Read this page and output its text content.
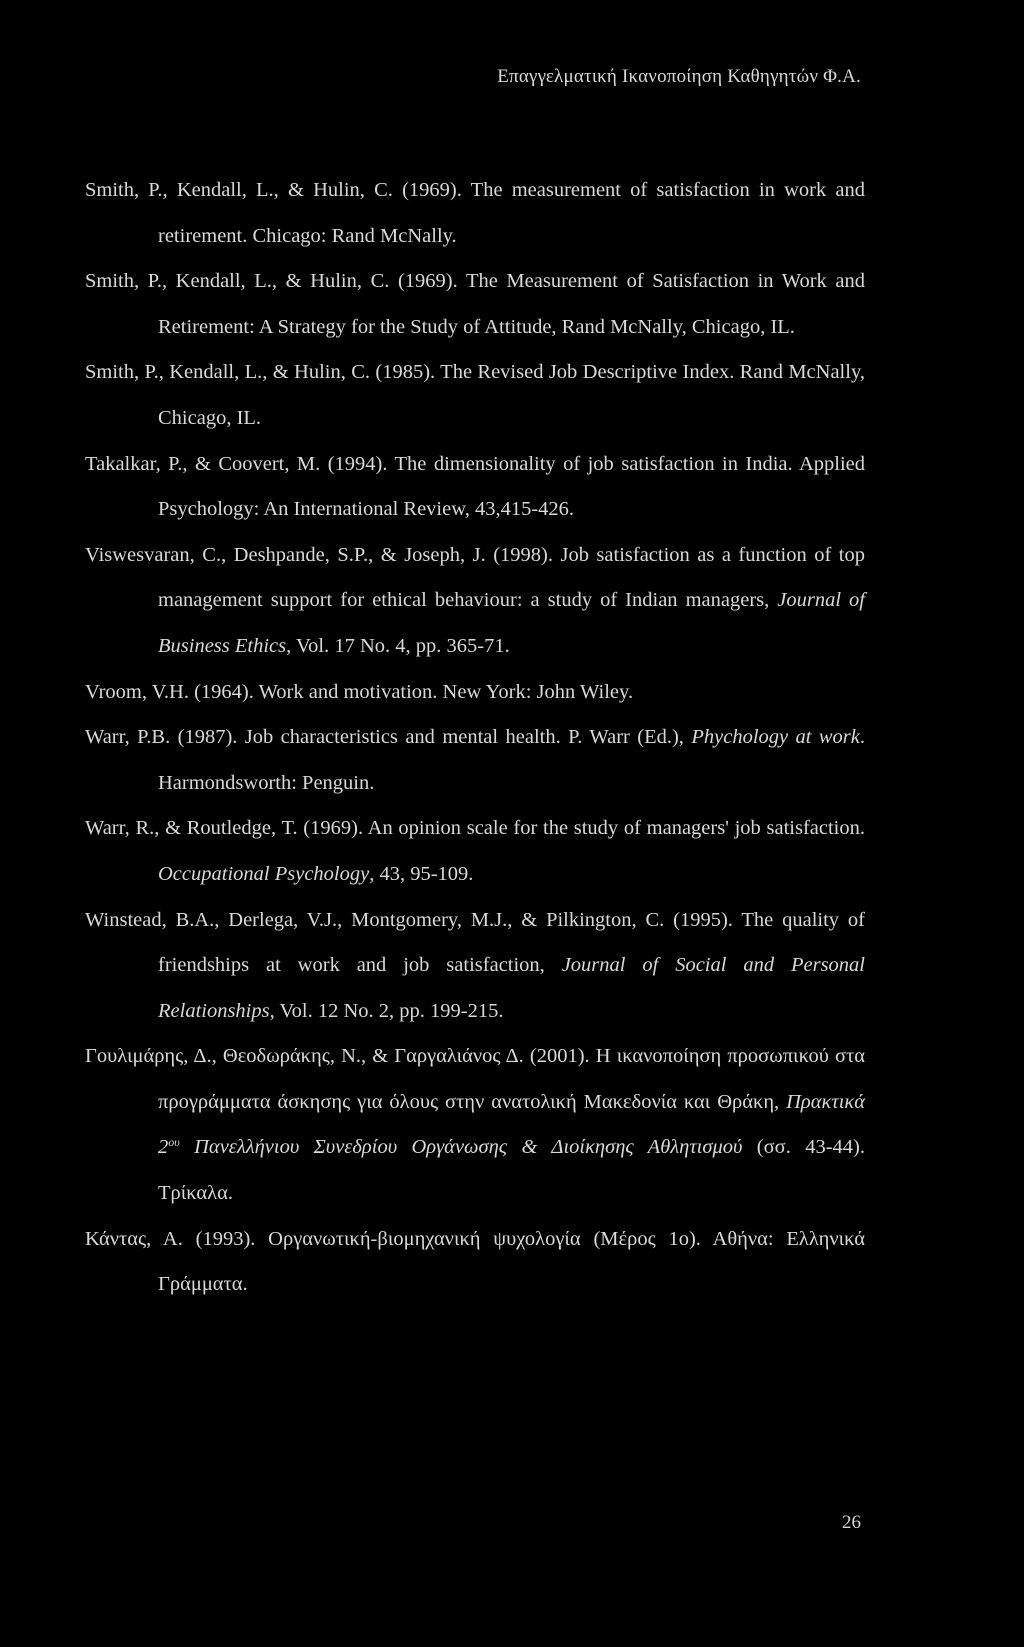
Επαγγελματική Ικανοποίηση Καθηγητών Φ.Α.

Smith, P., Kendall, L., & Hulin, C. (1969). The measurement of satisfaction in work and retirement. Chicago: Rand McNally.

Smith, P., Kendall, L., & Hulin, C. (1969). The Measurement of Satisfaction in Work and Retirement: A Strategy for the Study of Attitude, Rand McNally, Chicago, IL.

Smith, P., Kendall, L., & Hulin, C. (1985). The Revised Job Descriptive Index. Rand McNally, Chicago, IL.

Takalkar, P., & Coovert, M. (1994). The dimensionality of job satisfaction in India. Applied Psychology: An International Review, 43,415-426.

Viswesvaran, C., Deshpande, S.P., & Joseph, J. (1998). Job satisfaction as a function of top management support for ethical behaviour: a study of Indian managers, Journal of Business Ethics, Vol. 17 No. 4, pp. 365-71.

Vroom, V.H. (1964). Work and motivation. New York: John Wiley.

Warr, P.B. (1987). Job characteristics and mental health. P. Warr (Ed.), Phychology at work. Harmondsworth: Penguin.

Warr, R., & Routledge, T. (1969). An opinion scale for the study of managers' job satisfaction. Occupational Psychology, 43, 95-109.

Winstead, B.A., Derlega, V.J., Montgomery, M.J., & Pilkington, C. (1995). The quality of friendships at work and job satisfaction, Journal of Social and Personal Relationships, Vol. 12 No. 2, pp. 199-215.

Γουλιμάρης, Δ., Θεοδωράκης, Ν., & Γαργαλιάνος Δ. (2001). Η ικανοποίηση προσωπικού στα προγράμματα άσκησης για όλους στην ανατολική Μακεδονία και Θράκη, Πρακτικά $2^{o\upsilon}$ Πανελλήνιου Συνεδρίου Οργάνωσης & Διοίκησης Αθλητισμού (σσ. 43-44). Τρίκαλα.

Κάντας, Α. (1993). Οργανωτική-βιομηχανική ψυχολογία (Μέρος 1ο). Αθήνα: Ελληνικά Γράμματα.

26
